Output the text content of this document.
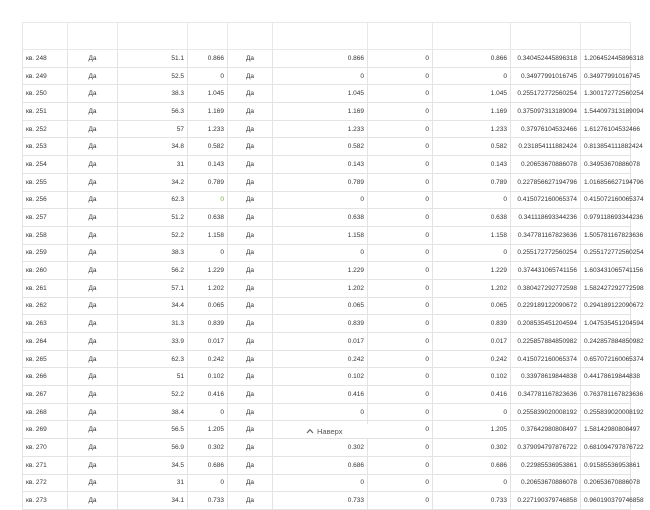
кв. 248	Да	51.1	0.866	Да	0.866	0	0.866	0.340452445896318	1.206452445896318
кв. 249	Да	52.5	0	Да	0	0	0	0.34977991016745	0.34977991016745
кв. 250	Да	38.3	1.045	Да	1.045	0	1.045	0.255172772560254	1.300172772560254
кв. 251	Да	56.3	1.169	Да	1.169	0	1.169	0.375097313189094	1.544097313189094
кв. 252	Да	57	1.233	Да	1.233	0	1.233	0.37976104532466	1.61276104532466
кв. 253	Да	34.8	0.582	Да	0.582	0	0.582	0.231854111882424	0.813854111882424
кв. 254	Да	31	0.143	Да	0.143	0	0.143	0.20653670886078	0.34953670886078
кв. 255	Да	34.2	0.789	Да	0.789	0	0.789	0.227856627194796	1.016856627194796
кв. 256	Да	62.3	0	Да	0	0	0	0.415072160065374	0.415072160065374
кв. 257	Да	51.2	0.638	Да	0.638	0	0.638	0.341118693344236	0.979118693344236
кв. 258	Да	52.2	1.158	Да	1.158	0	1.158	0.347781167823636	1.505781167823636
кв. 259	Да	38.3	0	Да	0	0	0	0.255172772560254	0.255172772560254
кв. 260	Да	56.2	1.229	Да	1.229	0	1.229	0.374431065741156	1.603431065741156
кв. 261	Да	57.1	1.202	Да	1.202	0	1.202	0.380427292772598	1.582427292772598
кв. 262	Да	34.4	0.065	Да	0.065	0	0.065	0.229189122090672	0.294189122090672
кв. 263	Да	31.3	0.839	Да	0.839	0	0.839	0.208535451204594	1.047535451204594
кв. 264	Да	33.9	0.017	Да	0.017	0	0.017	0.225857884850982	0.242857884850982
кв. 265	Да	62.3	0.242	Да	0.242	0	0.242	0.415072160065374	0.657072160065374
кв. 266	Да	51	0.102	Да	0.102	0	0.102	0.33978619844838	0.44178619844838
кв. 267	Да	52.2	0.416	Да	0.416	0	0.416	0.347781167823636	0.763781167823636
кв. 268	Да	38.4	0	Да	0	0	0	0.255839020008192	0.255839020008192
кв. 269	Да	56.5	1.205	Да		0	1.205	0.37642980808497	1.58142980808497
кв. 270	Да	56.9	0.302	Да	0.302	0	0.302	0.379094797876722	0.681094797876722
кв. 271	Да	34.5	0.686	Да	0.686	0	0.686	0.22985536953861	0.91585536953861
кв. 272	Да	31	0	Да	0	0	0	0.20653670886078	0.20653670886078
кв. 273	Да	34.1	0.733	Да	0.733	0	0.733	0.227190379746858	0.960190379746858
Наверх
